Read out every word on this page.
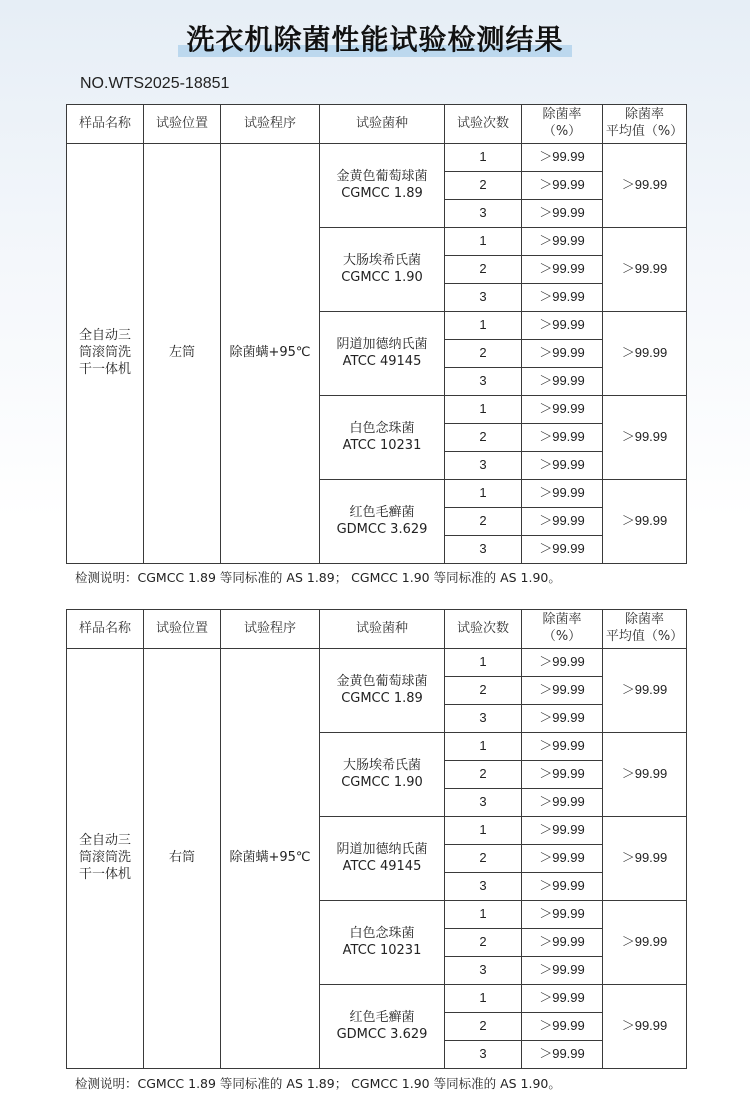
洗衣机除菌性能试验检测结果
NO.WTS2025-18851
样品名称	试验位置	试验程序	试验菌种	试验次数	除菌率
（%）	除菌率
平均值（%）
全自动三
筒滚筒洗
干一体机	左筒	除菌螨+95℃	金黄色葡萄球菌
CGMCC 1.89	1	＞99.99	＞99.99
				2	＞99.99	
				3	＞99.99	
			大肠埃希氏菌
CGMCC 1.90	1	＞99.99	＞99.99
				2	＞99.99	
				3	＞99.99	
			阴道加德纳氏菌
ATCC 49145	1	＞99.99	＞99.99
				2	＞99.99	
				3	＞99.99	
			白色念珠菌
ATCC 10231	1	＞99.99	＞99.99
				2	＞99.99	
				3	＞99.99	
			红色毛癣菌
GDMCC 3.629	1	＞99.99	＞99.99
				2	＞99.99	
				3	＞99.99	
检测说明：CGMCC 1.89 等同标准的 AS 1.89； CGMCC 1.90 等同标准的 AS 1.90。
样品名称	试验位置	试验程序	试验菌种	试验次数	除菌率
（%）	除菌率
平均值（%）
全自动三
筒滚筒洗
干一体机	右筒	除菌螨+95℃	金黄色葡萄球菌
CGMCC 1.89	1	＞99.99	＞99.99
				2	＞99.99	
				3	＞99.99	
			大肠埃希氏菌
CGMCC 1.90	1	＞99.99	＞99.99
				2	＞99.99	
				3	＞99.99	
			阴道加德纳氏菌
ATCC 49145	1	＞99.99	＞99.99
				2	＞99.99	
				3	＞99.99	
			白色念珠菌
ATCC 10231	1	＞99.99	＞99.99
				2	＞99.99	
				3	＞99.99	
			红色毛癣菌
GDMCC 3.629	1	＞99.99	＞99.99
				2	＞99.99	
				3	＞99.99	
检测说明：CGMCC 1.89 等同标准的 AS 1.89； CGMCC 1.90 等同标准的 AS 1.90。
